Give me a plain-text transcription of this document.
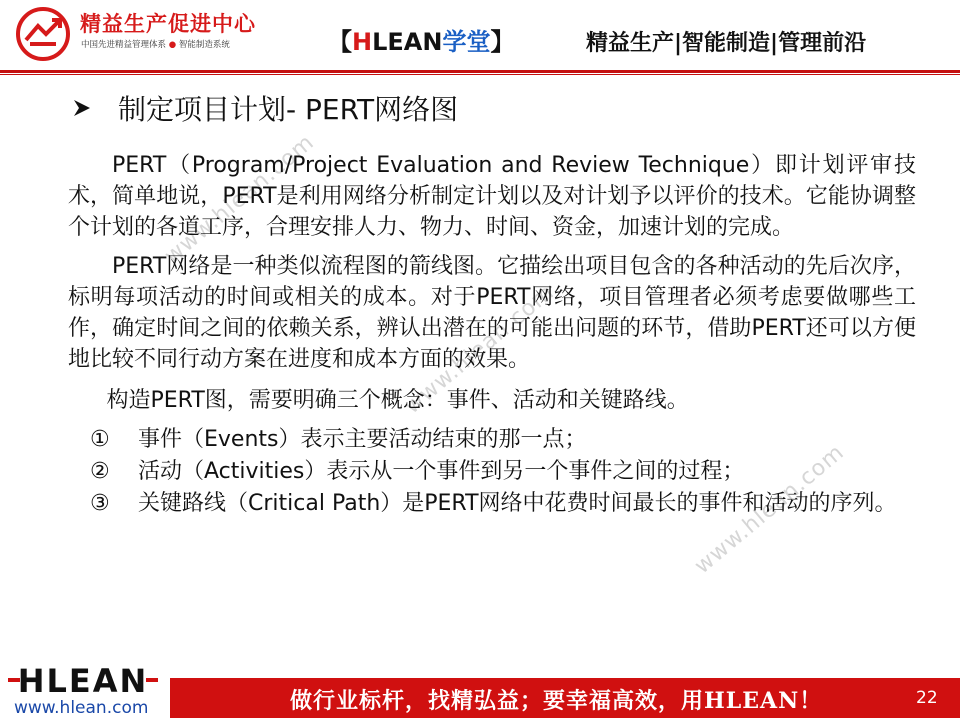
精益生产促进中心
中国先进精益管理体系 ● 智能制造系统	【HLEAN学堂】	精益生产|智能制造|管理前沿
www.hlean.com
www.hlean.com
www.hlean.com
制定项目计划- PERT网络图

PERT（Program/Project Evaluation and Review Technique）即计划评审技术，简单地说，PERT是利用网络分析制定计划以及对计划予以评价的技术。它能协调整个计划的各道工序，合理安排人力、物力、时间、资金，加速计划的完成。

PERT网络是一种类似流程图的箭线图。它描绘出项目包含的各种活动的先后次序，标明每项活动的时间或相关的成本。对于PERT网络，项目管理者必须考虑要做哪些工作，确定时间之间的依赖关系，辨认出潜在的可能出问题的环节，借助PERT还可以方便地比较不同行动方案在进度和成本方面的效果。

构造PERT图，需要明确三个概念：事件、活动和关键路线。

① 事件（Events）表示主要活动结束的那一点；
② 活动（Activities）表示从一个事件到另一个事件之间的过程；
③ 关键路线（Critical Path）是PERT网络中花费时间最长的事件和活动的序列。
HLEAN
www.hlean.com	做行业标杆，找精弘益；要幸福高效，用HLEAN！	22
